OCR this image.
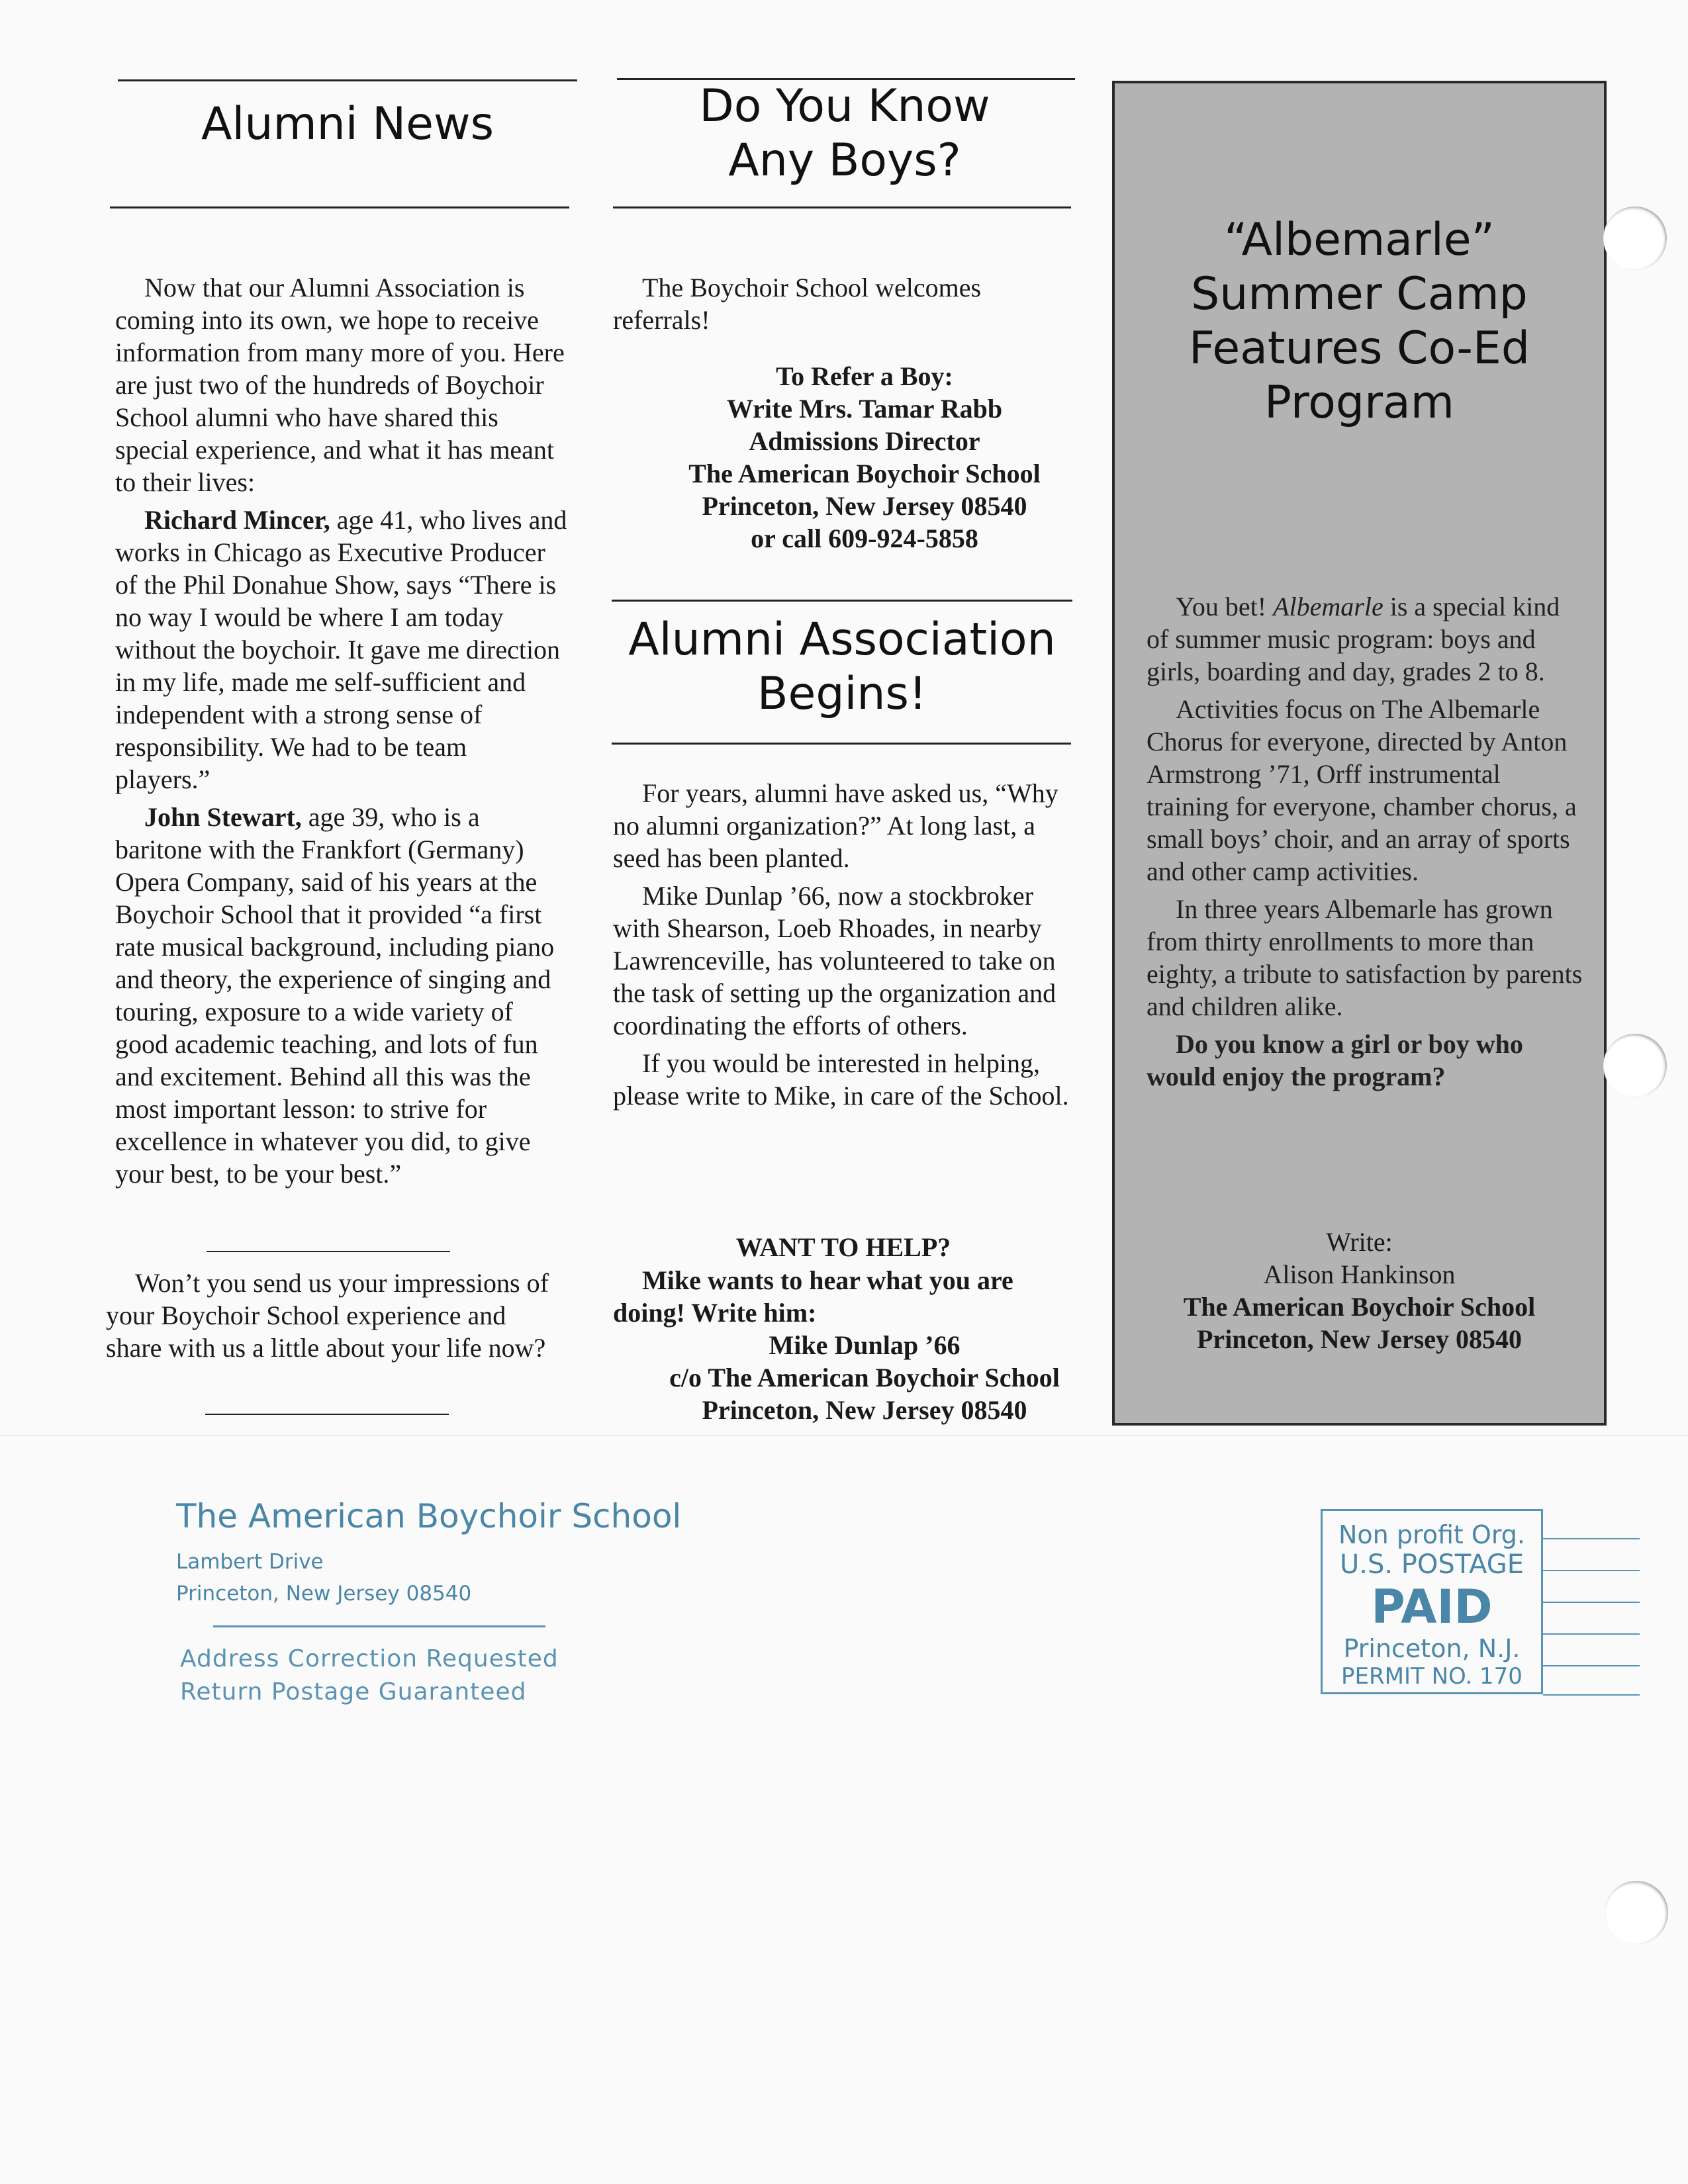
Alumni News

Now that our Alumni Association is coming into its own, we hope to receive information from many more of you. Here are just two of the hundreds of Boychoir School alumni who have shared this special experience, and what it has meant to their lives:

Richard Mincer, age 41, who lives and works in Chicago as Executive Producer of the Phil Donahue Show, says “There is no way I would be where I am today without the boychoir. It gave me direction in my life, made me self-sufficient and independent with a strong sense of responsibility. We had to be team players.”

John Stewart, age 39, who is a baritone with the Frankfort (Germany) Opera Company, said of his years at the Boychoir School that it provided “a first rate musical background, including piano and theory, the experience of singing and touring, exposure to a wide variety of good academic teaching, and lots of fun and excitement. Behind all this was the most important lesson: to strive for excellence in whatever you did, to give your best, to be your best.”

Won’t you send us your impressions of your Boychoir School experience and share with us a little about your life now?

Do You Know
Any Boys?

The Boychoir School welcomes referrals!

To Refer a Boy:
Write Mrs. Tamar Rabb
Admissions Director
The American Boychoir School
Princeton, New Jersey 08540
or call 609-924-5858
Alumni Association
Begins!

For years, alumni have asked us, “Why no alumni organization?” At long last, a seed has been planted.

Mike Dunlap ’66, now a stockbroker with Shearson, Loeb Rhoades, in nearby Lawrenceville, has volunteered to take on the task of setting up the organization and coordinating the efforts of others.

If you would be interested in helping, please write to Mike, in care of the School.

WANT TO HELP?
Mike wants to hear what you are doing! Write him:
Mike Dunlap ’66
c/o The American Boychoir School
Princeton, New Jersey 08540
“Albemarle”
Summer Camp
Features Co-Ed
Program

You bet! Albemarle is a special kind of summer music program: boys and girls, boarding and day, grades 2 to 8.

Activities focus on The Albemarle Chorus for everyone, directed by Anton Armstrong ’71, Orff instrumental training for everyone, chamber chorus, a small boys’ choir, and an array of sports and other camp activities.

In three years Albemarle has grown from thirty enrollments to more than eighty, a tribute to satisfaction by parents and children alike.

Do you know a girl or boy who would enjoy the program?

Write:
Alison Hankinson
The American Boychoir School
Princeton, New Jersey 08540
The American Boychoir School
Lambert Drive
Princeton, New Jersey 08540
Address Correction Requested
Return Postage Guaranteed
Non profit Org.
U.S. POSTAGE
PAID
Princeton, N.J.
PERMIT NO. 170
